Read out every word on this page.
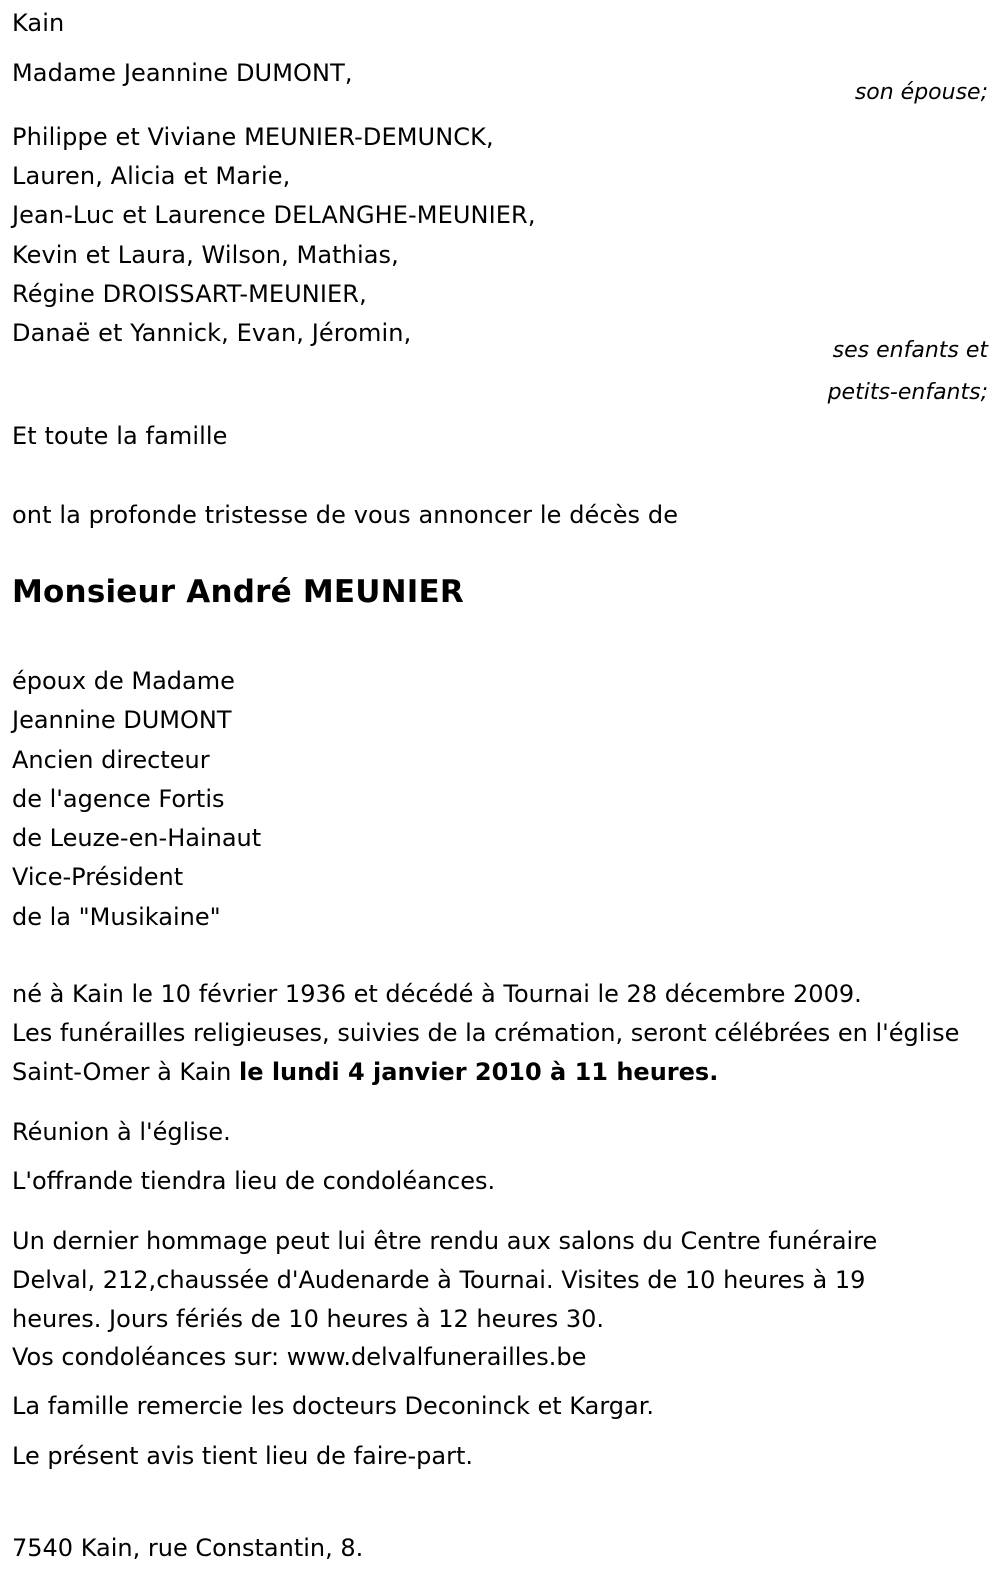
Kain
Madame Jeannine DUMONT,
son épouse;
Philippe et Viviane MEUNIER-DEMUNCK,
Lauren, Alicia et Marie,
Jean-Luc et Laurence DELANGHE-MEUNIER,
Kevin et Laura, Wilson, Mathias,
Régine DROISSART-MEUNIER,
Danaë et Yannick, Evan, Jéromin,
ses enfants et
petits-enfants;
Et toute la famille
ont la profonde tristesse de vous annoncer le décès de
Monsieur André MEUNIER
époux de Madame
Jeannine DUMONT
Ancien directeur
de l'agence Fortis
de Leuze-en-Hainaut
Vice-Président
de la "Musikaine"
né à Kain le 10 février 1936 et décédé à Tournai le 28 décembre 2009.
Les funérailles religieuses, suivies de la crémation, seront célébrées en l'église Saint-Omer à Kain le lundi 4 janvier 2010 à 11 heures.
Réunion à l'église.
L'offrande tiendra lieu de condoléances.
Un dernier hommage peut lui être rendu aux salons du Centre funéraire Delval, 212,chaussée d'Audenarde à Tournai. Visites de 10 heures à 19 heures. Jours fériés de 10 heures à 12 heures 30.
Vos condoléances sur: www.delvalfunerailles.be
La famille remercie les docteurs Deconinck et Kargar.
Le présent avis tient lieu de faire-part.
7540 Kain, rue Constantin, 8.
